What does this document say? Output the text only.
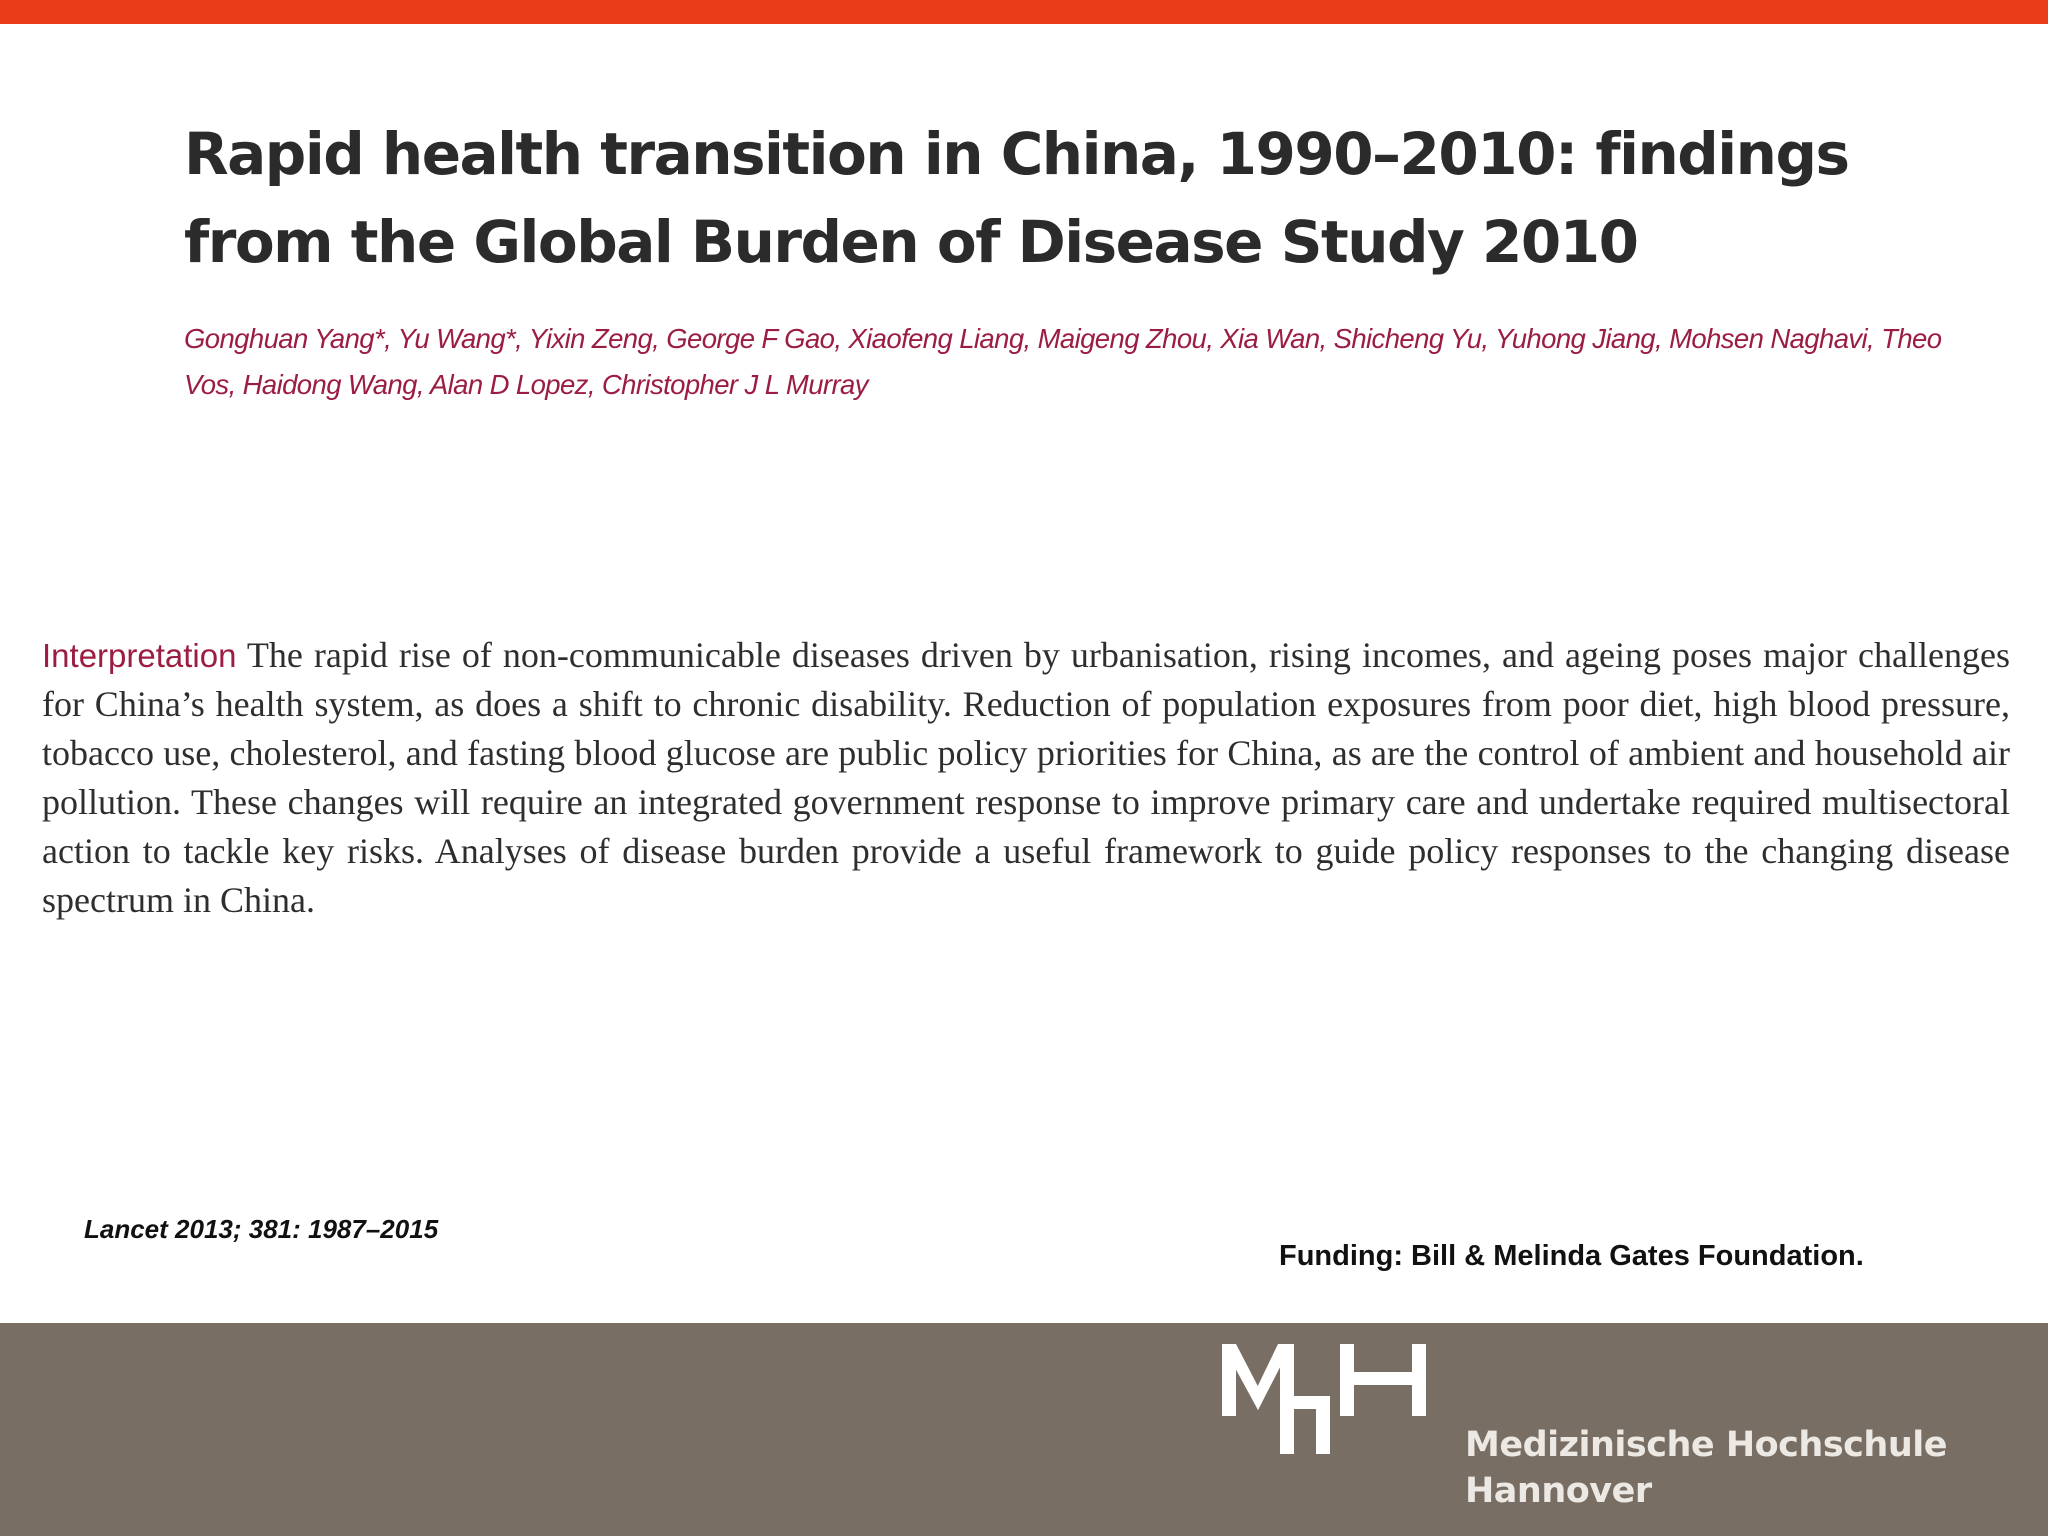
Rapid health transition in China, 1990–2010: findings from the Global Burden of Disease Study 2010

Gonghuan Yang*, Yu Wang*, Yixin Zeng, George F Gao, Xiaofeng Liang, Maigeng Zhou, Xia Wan, Shicheng Yu, Yuhong Jiang, Mohsen Naghavi, Theo Vos, Haidong Wang, Alan D Lopez, Christopher J L Murray

Interpretation The rapid rise of non-communicable diseases driven by urbanisation, rising incomes, and ageing poses major challenges for China’s health system, as does a shift to chronic disability. Reduction of population exposures from poor diet, high blood pressure, tobacco use, cholesterol, and fasting blood glucose are public policy priorities for China, as are the control of ambient and household air pollution. These changes will require an integrated government response to improve primary care and undertake required multisectoral action to tackle key risks. Analyses of disease burden provide a useful framework to guide policy responses to the changing disease spectrum in China.

Lancet 2013; 381: 1987–2015
Funding: Bill & Melinda Gates Foundation.
Medizinische Hochschule
Hannover
